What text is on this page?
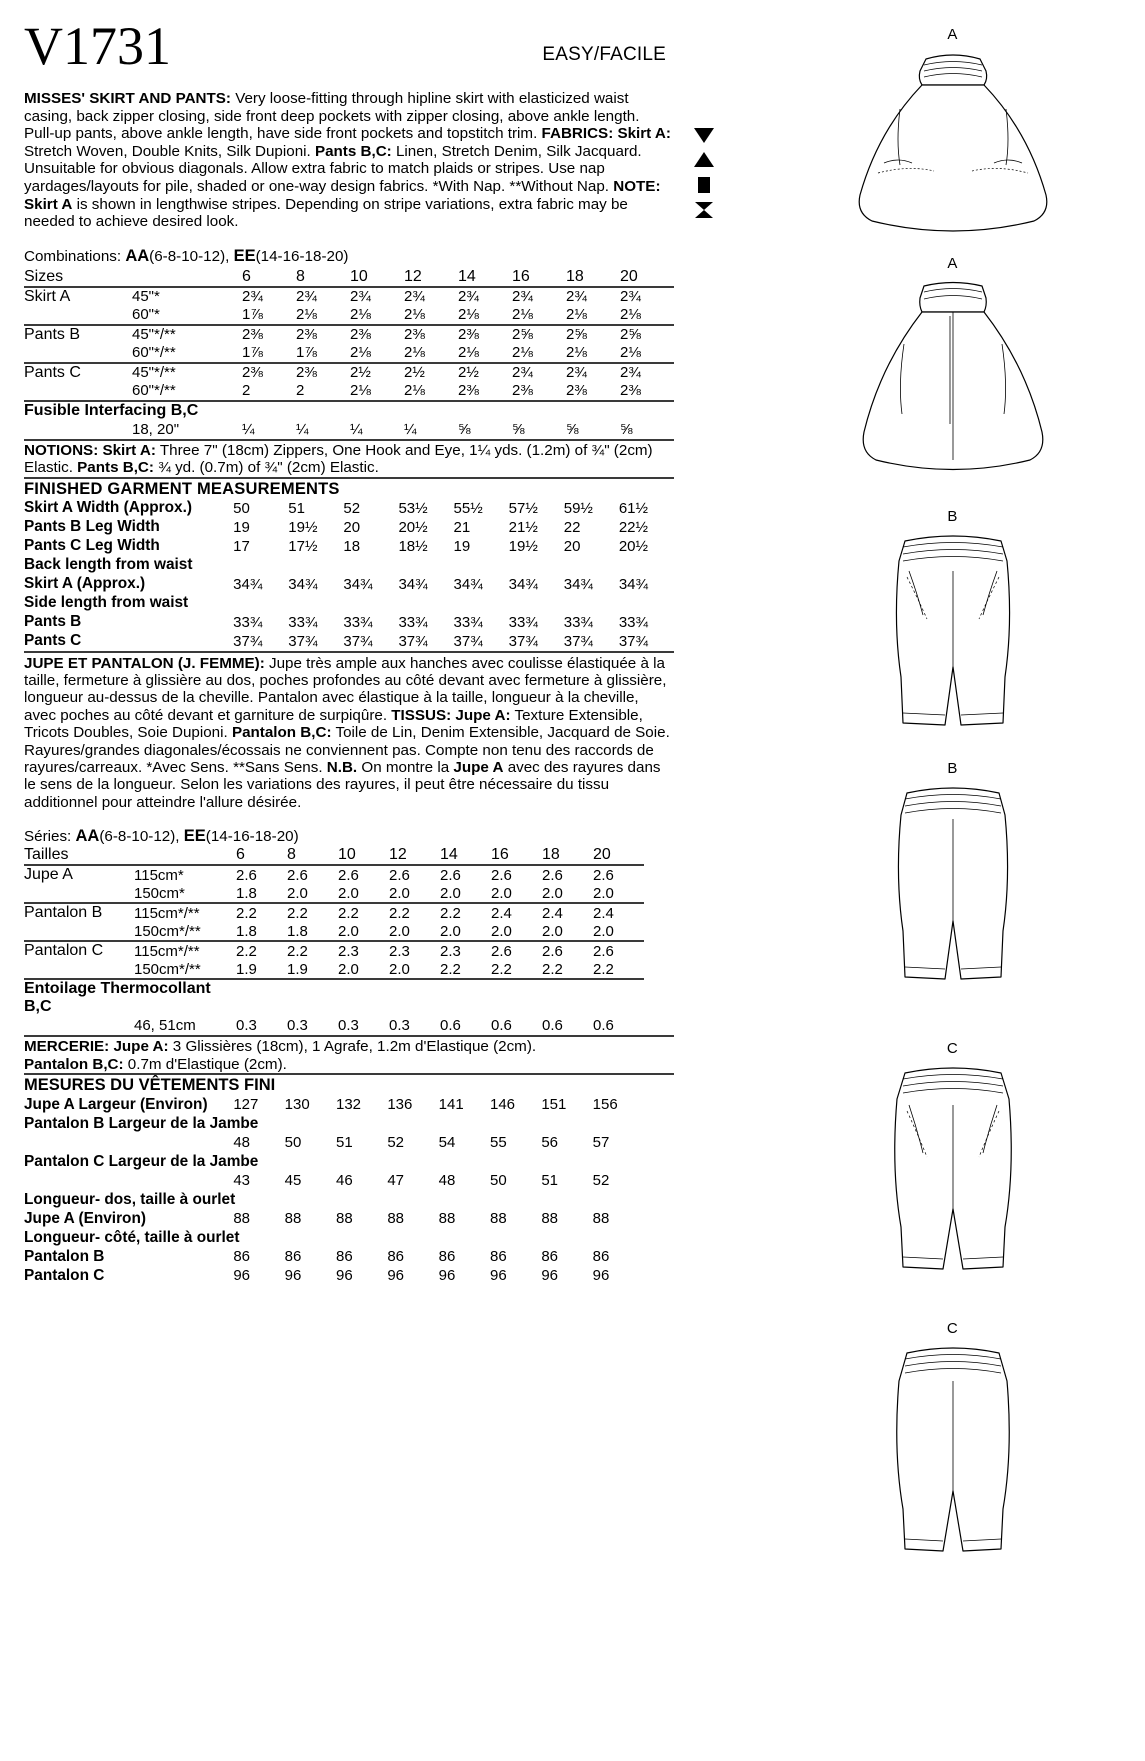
V1731	EASY/FACILE
MISSES' SKIRT AND PANTS: Very loose-fitting through hipline skirt with elasticized waist casing, back zipper closing, side front deep pockets with zipper closing, above ankle length. Pull-up pants, above ankle length, have side front pockets and topstitch trim. FABRICS: Skirt A: Stretch Woven, Double Knits, Silk Dupioni. Pants B,C: Linen, Stretch Denim, Silk Jacquard. Unsuitable for obvious diagonals. Allow extra fabric to match plaids or stripes. Use nap yardages/layouts for pile, shaded or one-way design fabrics. *With Nap. **Without Nap. NOTE: Skirt A is shown in lengthwise stripes. Depending on stripe variations, extra fabric may be needed to achieve desired look.
Combinations: AA(6-8-10-12), EE(14-16-18-20)
Sizes		6	8	10	12	14	16	18	20
Skirt A	45"*	2¾	2¾	2¾	2¾	2¾	2¾	2¾	2¾
	60"*	1⅞	2⅛	2⅛	2⅛	2⅛	2⅛	2⅛	2⅛
Pants B	45"*/**	2⅜	2⅜	2⅜	2⅜	2⅜	2⅝	2⅝	2⅝
	60"*/**	1⅞	1⅞	2⅛	2⅛	2⅛	2⅛	2⅛	2⅛
Pants C	45"*/**	2⅜	2⅜	2½	2½	2½	2¾	2¾	2¾
	60"*/**	2	2	2⅛	2⅛	2⅜	2⅜	2⅜	2⅜
Fusible Interfacing B,C									
	18, 20"	¼	¼	¼	¼	⅝	⅝	⅝	⅝
NOTIONS: Skirt A: Three 7" (18cm) Zippers, One Hook and Eye, 1¼ yds. (1.2m) of ¾" (2cm) Elastic. Pants B,C: ¾ yd. (0.7m) of ¾" (2cm) Elastic.
FINISHED GARMENT MEASUREMENTS
Skirt A Width (Approx.)	50	51	52	53½	55½	57½	59½	61½
Pants B Leg Width	19	19½	20	20½	21	21½	22	22½
Pants C Leg Width	17	17½	18	18½	19	19½	20	20½
Back length from waist								
Skirt A (Approx.)	34¾	34¾	34¾	34¾	34¾	34¾	34¾	34¾
Side length from waist								
Pants B	33¾	33¾	33¾	33¾	33¾	33¾	33¾	33¾
Pants C	37¾	37¾	37¾	37¾	37¾	37¾	37¾	37¾
JUPE ET PANTALON (J. FEMME): Jupe très ample aux hanches avec coulisse élastiquée à la taille, fermeture à glissière au dos, poches profondes au côté devant avec fermeture à glissière, longueur au-dessus de la cheville. Pantalon avec élastique à la taille, longueur à la cheville, avec poches au côté devant et garniture de surpiqûre. TISSUS: Jupe A: Texture Extensible, Tricots Doubles, Soie Dupioni. Pantalon B,C: Toile de Lin, Denim Extensible, Jacquard de Soie. Rayures/grandes diagonales/écossais ne conviennent pas. Compte non tenu des raccords de rayures/carreaux. *Avec Sens. **Sans Sens. N.B. On montre la Jupe A avec des rayures dans le sens de la longueur. Selon les variations des rayures, il peut être nécessaire du tissu additionnel pour atteindre l'allure désirée.
Séries: AA(6-8-10-12), EE(14-16-18-20)
Tailles		6	8	10	12	14	16	18	20
Jupe A	115cm*	2.6	2.6	2.6	2.6	2.6	2.6	2.6	2.6
	150cm*	1.8	2.0	2.0	2.0	2.0	2.0	2.0	2.0
Pantalon B	115cm*/**	2.2	2.2	2.2	2.2	2.2	2.4	2.4	2.4
	150cm*/**	1.8	1.8	2.0	2.0	2.0	2.0	2.0	2.0
Pantalon C	115cm*/**	2.2	2.2	2.3	2.3	2.3	2.6	2.6	2.6
	150cm*/**	1.9	1.9	2.0	2.0	2.2	2.2	2.2	2.2
Entoilage Thermocollant B,C									
	46, 51cm	0.3	0.3	0.3	0.3	0.6	0.6	0.6	0.6
MERCERIE: Jupe A: 3 Glissières (18cm), 1 Agrafe, 1.2m d'Elastique (2cm).
Pantalon B,C: 0.7m d'Elastique (2cm).
MESURES DU VÊTEMENTS FINI
Jupe A Largeur (Environ)	127	130	132	136	141	146	151	156
Pantalon B Largeur de la Jambe								
	48	50	51	52	54	55	56	57
Pantalon C Largeur de la Jambe								
	43	45	46	47	48	50	51	52
Longueur- dos, taille à ourlet								
Jupe A (Environ)	88	88	88	88	88	88	88	88
Longueur- côté, taille à ourlet								
Pantalon B	86	86	86	86	86	86	86	86
Pantalon C	96	96	96	96	96	96	96	96
A
A
B
B
C
C
